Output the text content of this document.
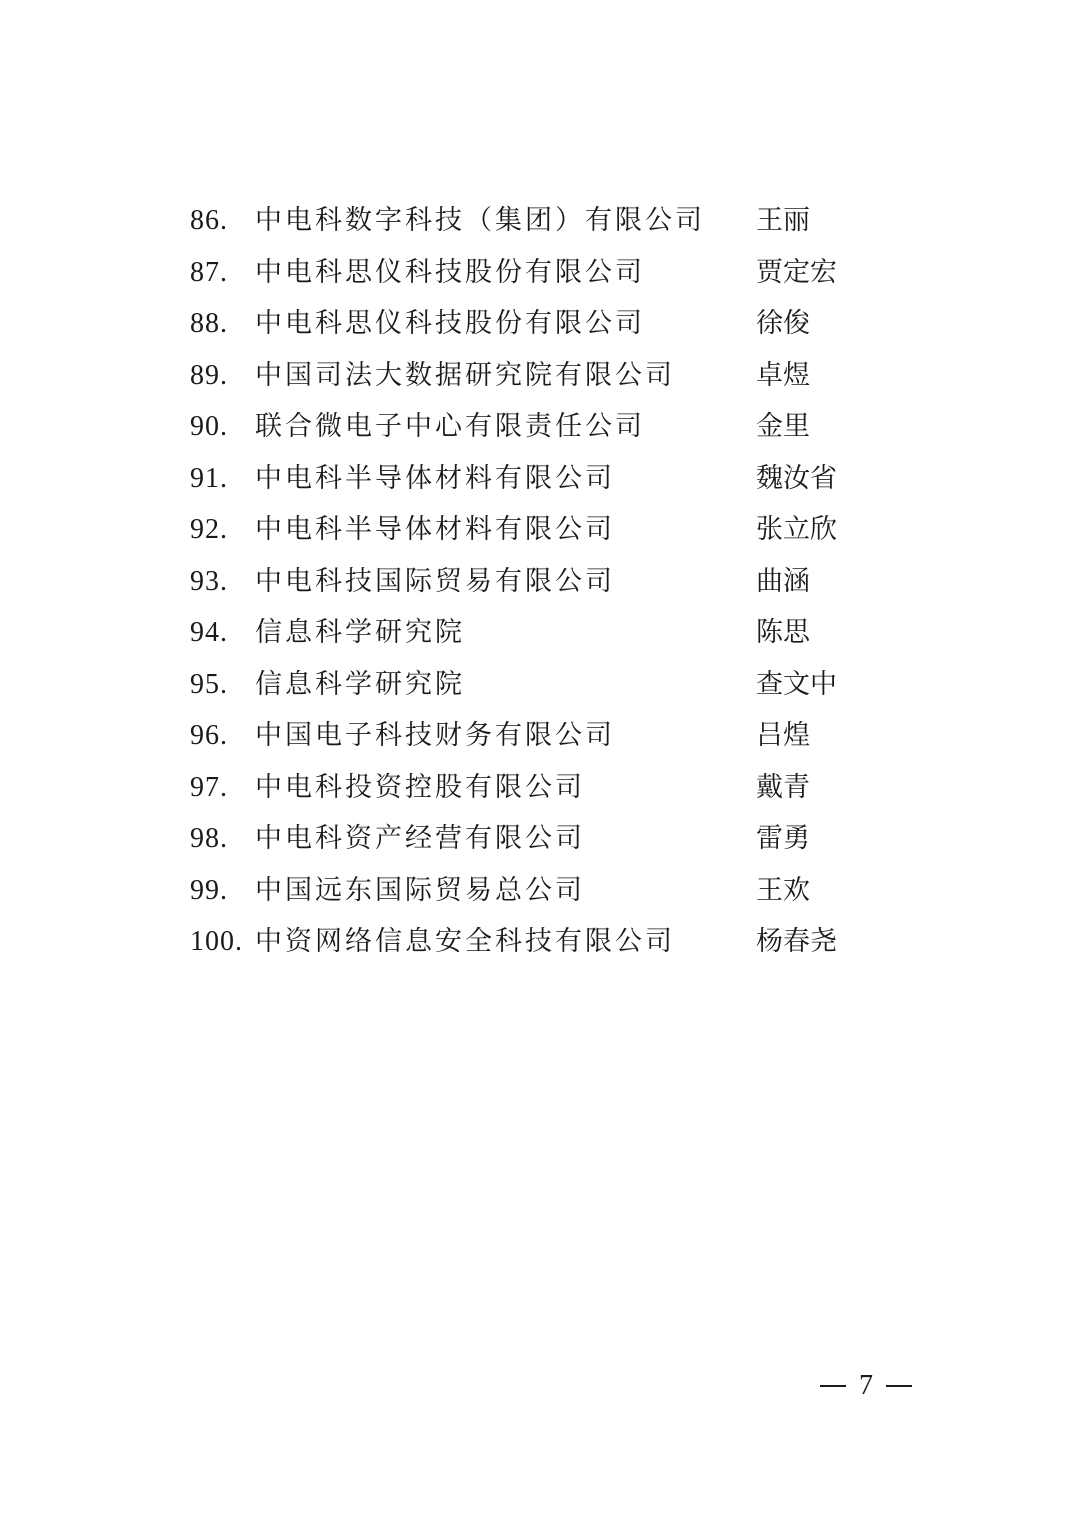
86. 中电科数字科技（集团）有限公司 王丽
87. 中电科思仪科技股份有限公司	贾定宏
88. 中电科思仪科技股份有限公司	徐俊
89. 中国司法大数据研究院有限公司	卓煜
90. 联合微电子中心有限责任公司	金里
91. 中电科半导体材料有限公司	魏汝省
92. 中电科半导体材料有限公司	张立欣
93. 中电科技国际贸易有限公司	曲涵
94. 信息科学研究院	陈思
95. 信息科学研究院	查文中
96. 中国电子科技财务有限公司	吕煌
97. 中电科投资控股有限公司	戴青
98. 中电科资产经营有限公司	雷勇
99. 中国远东国际贸易总公司	王欢
100. 中资网络信息安全科技有限公司	杨春尧
7
